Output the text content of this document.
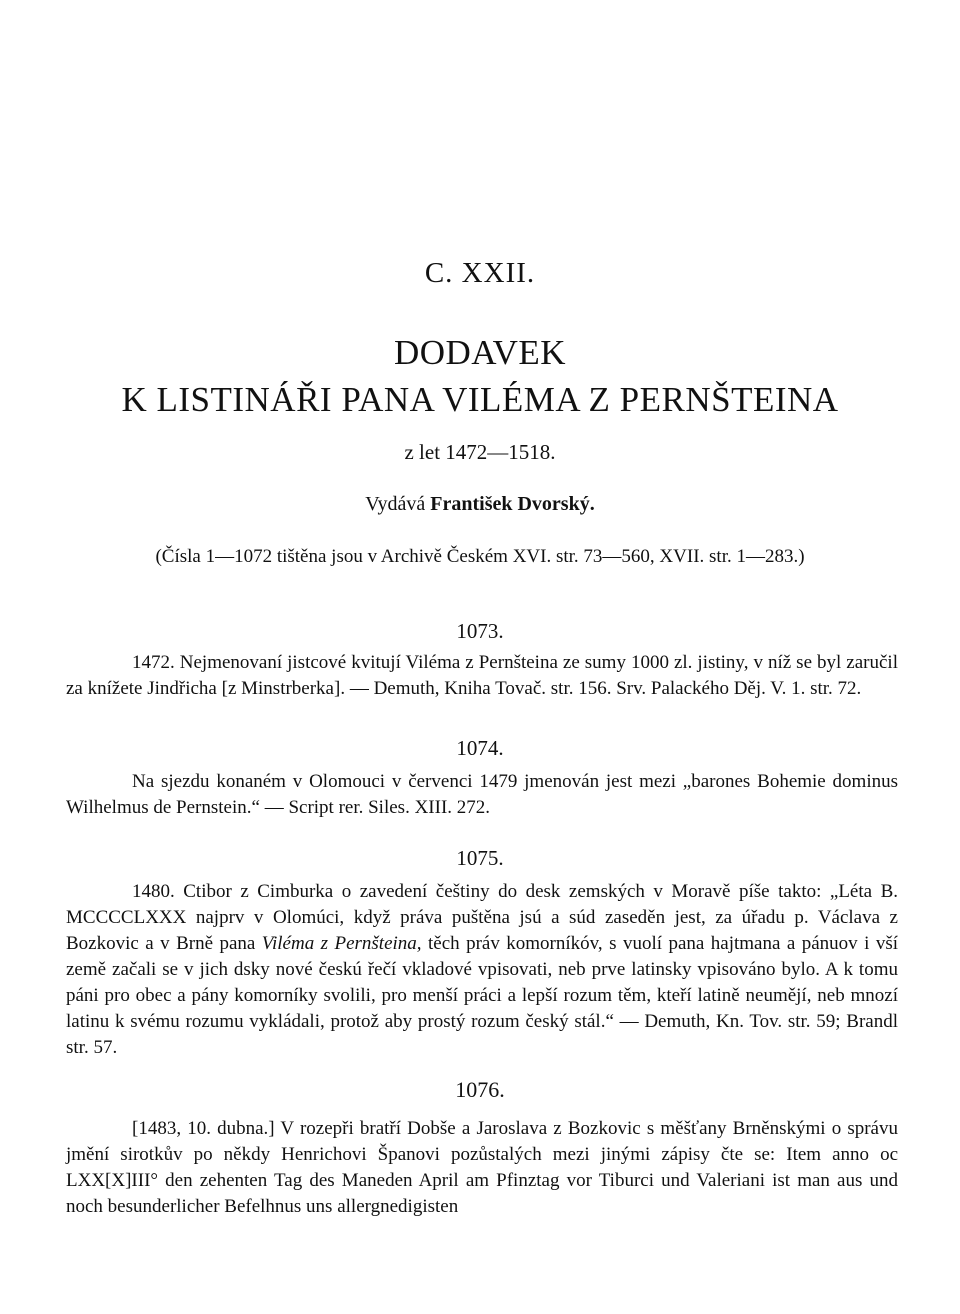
C. XXII.
DODAVEK
K LISTINÁŘI PANA VILÉMA Z PERNŠTEINA
z let 1472—1518.
Vydává František Dvorský.
(Čísla 1—1072 tištěna jsou v Archivě Českém XVI. str. 73—560, XVII. str. 1—283.)
1073.

1472. Nejmenovaní jistcové kvitují Viléma z Pernšteina ze sumy 1000 zl. jistiny, v níž se byl zaručil za knížete Jindřicha [z Minstrberka]. — Demuth, Kniha Tovač. str. 156. Srv. Palackého Děj. V. 1. str. 72.

1074.

Na sjezdu konaném v Olomouci v červenci 1479 jmenován jest mezi „barones Bohemie dominus Wilhelmus de Pernstein.“ — Script rer. Siles. XIII. 272.

1075.

1480. Ctibor z Cimburka o zavedení češtiny do desk zemských v Moravě píše takto: „Léta B. MCCCCLXXX najprv v Olomúci, když práva puštěna jsú a súd zaseděn jest, za úřadu p. Václava z Bozkovic a v Brně pana Viléma z Pernšteina, těch práv komorníkóv, s vuolí pana hajtmana a pánuov i vší země začali se v jich dsky nové českú řečí vkladové vpisovati, neb prve latinsky vpisováno bylo. A k tomu páni pro obec a pány komorníky svolili, pro menší práci a lepší rozum těm, kteří latině neumějí, neb mnozí latinu k svému rozumu vykládali, protož aby prostý rozum český stál.“ — Demuth, Kn. Tov. str. 59; Brandl str. 57.

1076.

[1483, 10. dubna.] V rozepři bratří Dobše a Jaroslava z Bozkovic s měšťany Brněnskými o správu jmění sirotkův po někdy Henrichovi Španovi pozůstalých mezi jinými zápisy čte se: Item anno oc LXX[X]III° den zehenten Tag des Maneden April am Pfinztag vor Tiburci und Valeriani ist man aus und noch besunderlicher Befelhnus uns allergnedigisten
